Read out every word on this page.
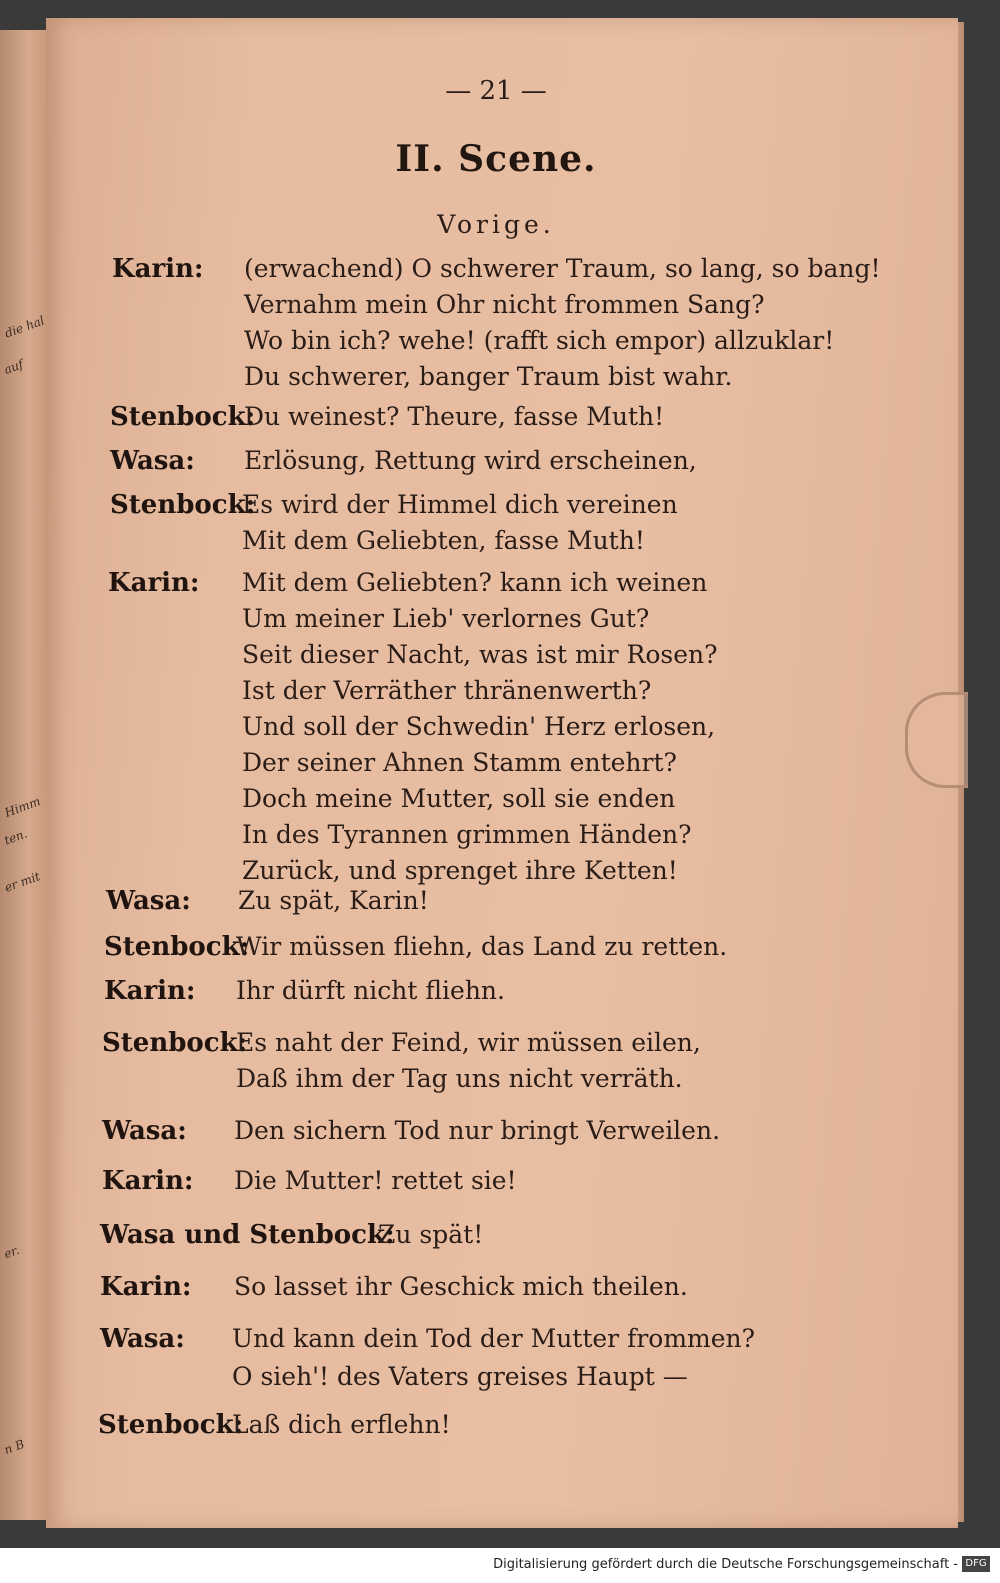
die hal
auf
Himm
ten.
er mit
er.
n B
— 21 —
II. Scene.
Vorige.
Karin: (erwachend) O schwerer Traum, so lang, so bang!
Vernahm mein Ohr nicht frommen Sang?
Wo bin ich? wehe! (rafft sich empor) allzuklar!
Du schwerer, banger Traum bist wahr.
Stenbock:
Du weinest? Theure, fasse Muth!
Wasa: Erlösung, Rettung wird erscheinen,
Stenbock:
Es wird der Himmel dich vereinen
Mit dem Geliebten, fasse Muth!
Karin: Mit dem Geliebten? kann ich weinen
Um meiner Lieb' verlornes Gut?
Seit dieser Nacht, was ist mir Rosen?
Ist der Verräther thränenwerth?
Und soll der Schwedin' Herz erlosen,
Der seiner Ahnen Stamm entehrt?
Doch meine Mutter, soll sie enden
In des Tyrannen grimmen Händen?
Zurück, und sprenget ihre Ketten!
Wasa: Zu spät, Karin!
Stenbock:
Wir müssen fliehn, das Land zu retten.
Karin: Ihr dürft nicht fliehn.
Stenbock:
Es naht der Feind, wir müssen eilen,
Daß ihm der Tag uns nicht verräth.
Wasa: Den sichern Tod nur bringt Verweilen.
Karin: Die Mutter! rettet sie!
Wasa und Stenbock:
Zu spät!
Karin: So lasset ihr Geschick mich theilen.
Wasa: Und kann dein Tod der Mutter frommen?
O sieh'! des Vaters greises Haupt —
Stenbock:
Laß dich erflehn!
Digitalisierung gefördert durch die Deutsche Forschungsgemeinschaft - DFG
